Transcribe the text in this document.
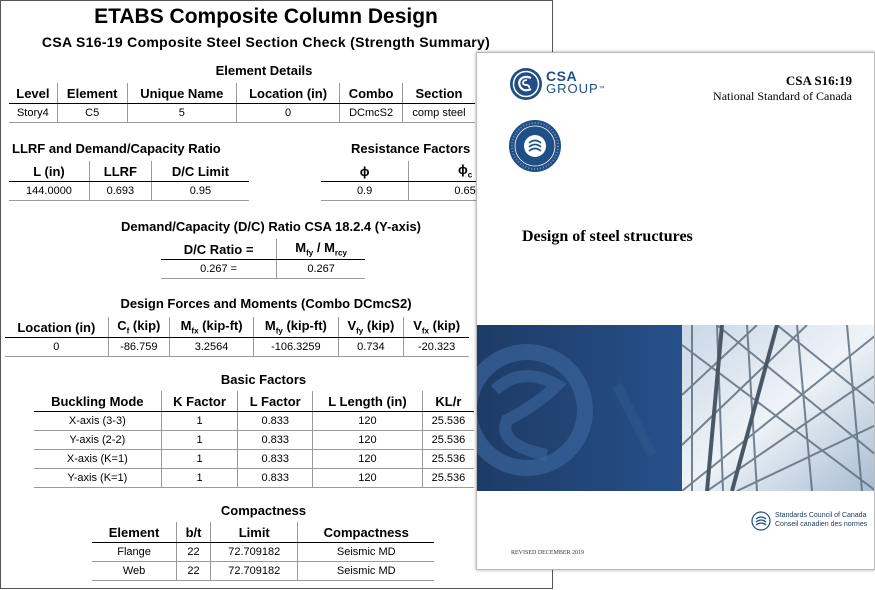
ETABS Composite Column Design
CSA S16-19 Composite Steel Section Check (Strength Summary)
Element Details
Level	Element	Unique Name	Location (in)	Combo	Section
Story4	C5	5	0	DCmcS2	comp steel
LLRF and Demand/Capacity Ratio
L (in)	LLRF	D/C Limit
144.0000	0.693	0.95
Resistance Factors
ϕ	$\phi_c$
0.9	0.65
Demand/Capacity (D/C) Ratio CSA 18.2.4 (Y-axis)
D/C Ratio =	$M_{fy} / M_{rcy}$
0.267 =	0.267
Design Forces and Moments (Combo DCmcS2)
Location (in)	$C_f$ (kip)	$M_{fx}$ (kip-ft)	$M_{fy}$ (kip-ft)	$V_{fy}$ (kip)	$V_{fx}$ (kip)
0	-86.759	3.2564	-106.3259	0.734	-20.323
Basic Factors
Buckling Mode	K Factor	L Factor	L Length (in)	KL/r
X-axis (3-3)	1	0.833	120	25.536
Y-axis (2-2)	1	0.833	120	25.536
X-axis (K=1)	1	0.833	120	25.536
Y-axis (K=1)	1	0.833	120	25.536
Compactness
Element	b/t	Limit	Compactness
Flange	22	72.709182	Seismic MD
Web	22	72.709182	Seismic MD
CSA
GROUP™
CSA S16:19
National Standard of Canada
Design of steel structures
REVISED DECEMBER 2019
Standards Council of Canada
Conseil canadien des normes
